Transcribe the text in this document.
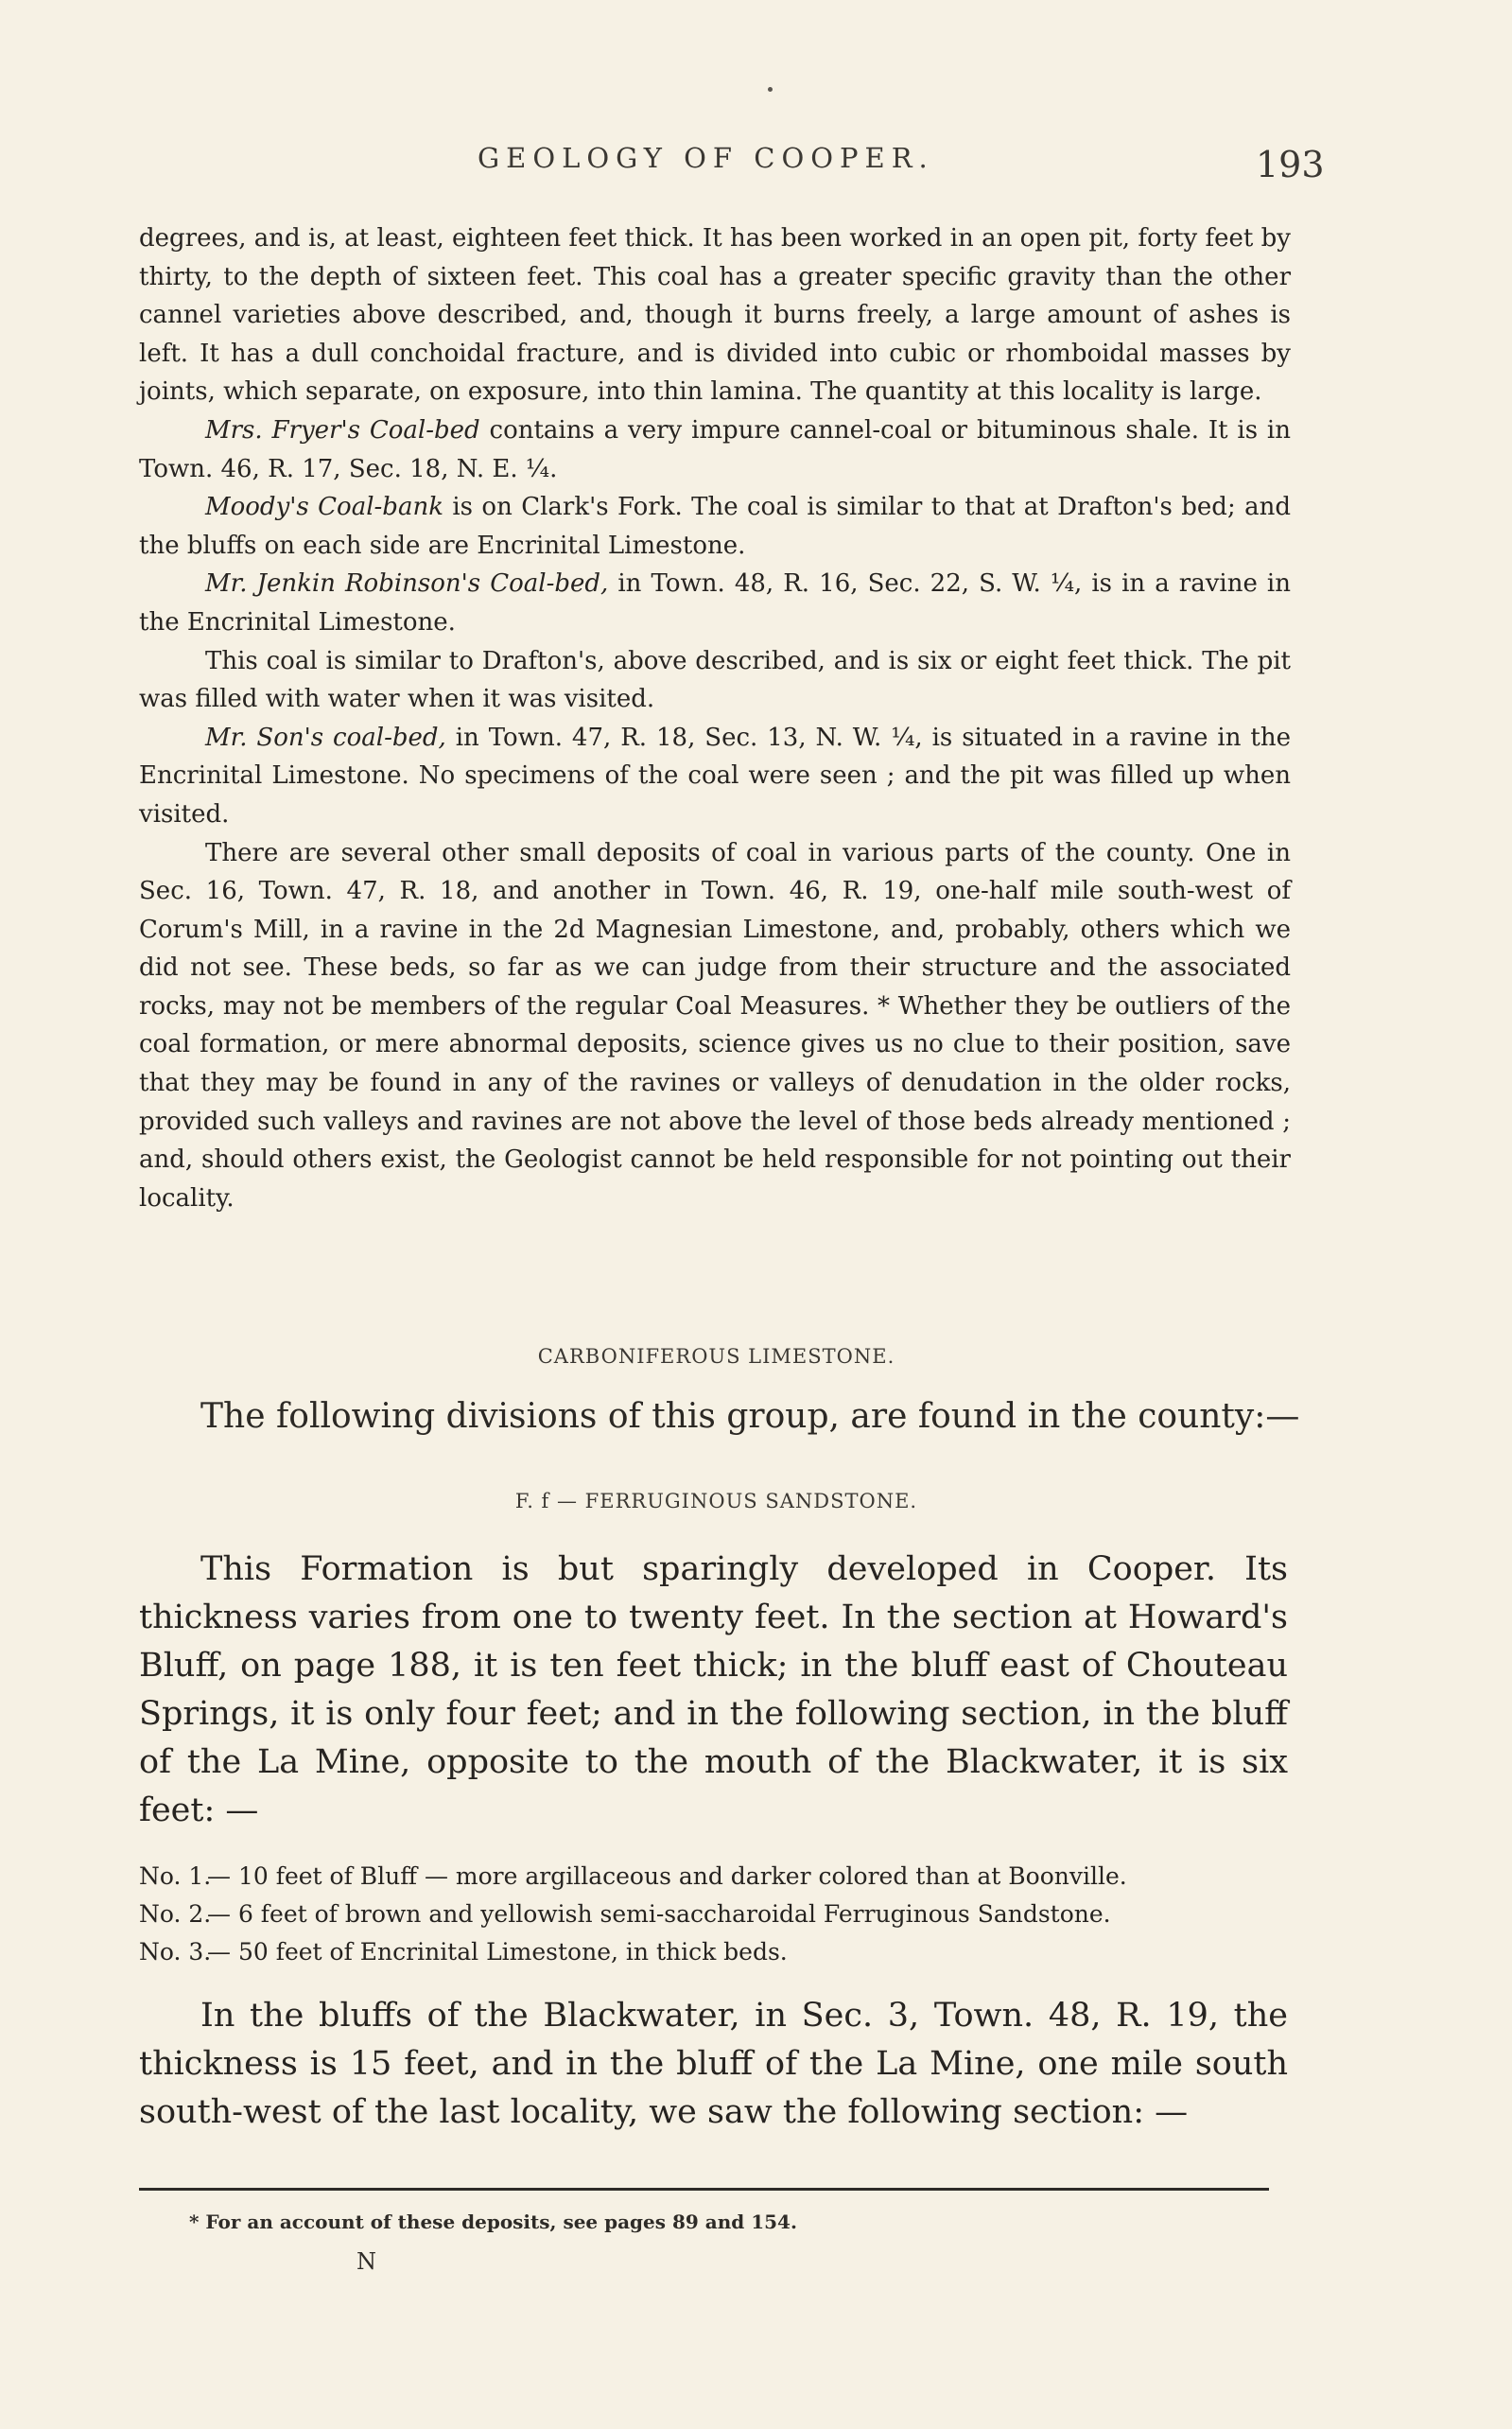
GEOLOGY OF COOPER.	193

degrees, and is, at least, eighteen feet thick. It has been worked in an open pit, forty feet by thirty, to the depth of sixteen feet. This coal has a greater specific gravity than the other cannel varieties above described, and, though it burns freely, a large amount of ashes is left. It has a dull conchoidal fracture, and is divided into cubic or rhomboidal masses by joints, which separate, on exposure, into thin lamina. The quantity at this locality is large.

Mrs. Fryer's Coal-bed contains a very impure cannel-coal or bituminous shale. It is in Town. 46, R. 17, Sec. 18, N. E. ¼.

Moody's Coal-bank is on Clark's Fork. The coal is similar to that at Drafton's bed; and the bluffs on each side are Encrinital Limestone.

Mr. Jenkin Robinson's Coal-bed, in Town. 48, R. 16, Sec. 22, S. W. ¼, is in a ravine in the Encrinital Limestone.

This coal is similar to Drafton's, above described, and is six or eight feet thick. The pit was filled with water when it was visited.

Mr. Son's coal-bed, in Town. 47, R. 18, Sec. 13, N. W. ¼, is situated in a ravine in the Encrinital Limestone. No specimens of the coal were seen ; and the pit was filled up when visited.

There are several other small deposits of coal in various parts of the county. One in Sec. 16, Town. 47, R. 18, and another in Town. 46, R. 19, one-half mile south-west of Corum's Mill, in a ravine in the 2d Magnesian Limestone, and, probably, others which we did not see. These beds, so far as we can judge from their structure and the associated rocks, may not be members of the regular Coal Measures. * Whether they be outliers of the coal formation, or mere abnormal deposits, science gives us no clue to their position, save that they may be found in any of the ravines or valleys of denudation in the older rocks, provided such valleys and ravines are not above the level of those beds already mentioned ; and, should others exist, the Geologist cannot be held responsible for not pointing out their locality.

CARBONIFEROUS LIMESTONE.
The following divisions of this group, are found in the county:—
F. f — FERRUGINOUS SANDSTONE.

This Formation is but sparingly developed in Cooper. Its thickness varies from one to twenty feet. In the section at Howard's Bluff, on page 188, it is ten feet thick; in the bluff east of Chouteau Springs, it is only four feet; and in the following section, in the bluff of the La Mine, opposite to the mouth of the Blackwater, it is six feet: —

No. 1.
— 10 feet of Bluff — more argillaceous and darker colored than at Boonville.
No. 2.
— 6 feet of brown and yellowish semi-saccharoidal Ferruginous Sandstone.
No. 3.
— 50 feet of Encrinital Limestone, in thick beds.

In the bluffs of the Blackwater, in Sec. 3, Town. 48, R. 19, the thickness is 15 feet, and in the bluff of the La Mine, one mile south south-west of the last locality, we saw the following section: —

* For an account of these deposits, see pages 89 and 154.
N
